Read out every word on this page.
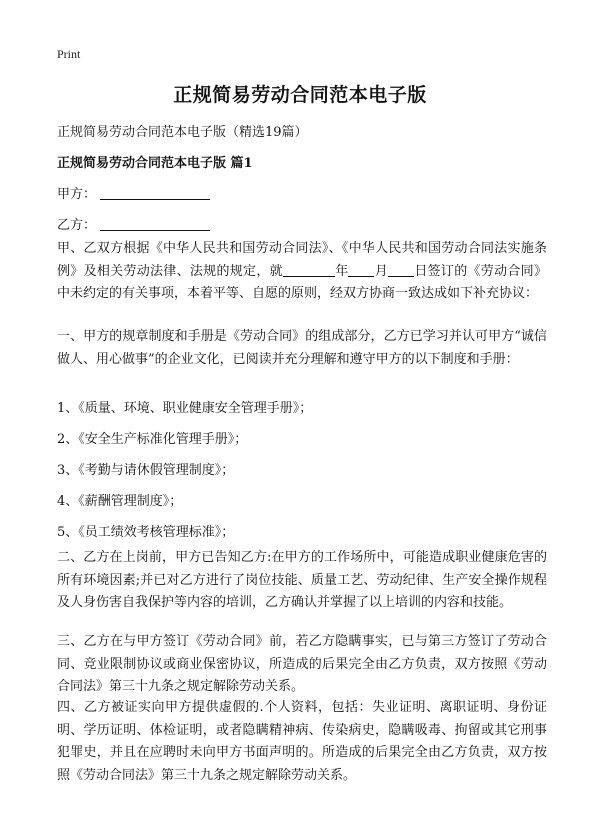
Print
正规简易劳动合同范本电子版
正规简易劳动合同范本电子版（精选19篇）
正规简易劳动合同范本电子版 篇1
甲方：
乙方：
甲、乙双方根据《中华人民共和国劳动合同法》、《中华人民共和国劳动合同法实施条例》及相关劳动法律、法规的规定，就	年 月 日签订的《劳动合同》中未约定的有关事项，本着平等、自愿的原则，经双方协商一致达成如下补充协议：
一、甲方的规章制度和手册是《劳动合同》的组成部分，乙方已学习并认可甲方“诚信做人、用心做事”的企业文化，已阅读并充分理解和遵守甲方的以下制度和手册：
1、《质量、环境、职业健康安全管理手册》；
2、《安全生产标准化管理手册》；
3、《考勤与请休假管理制度》；
4、《薪酬管理制度》；
5、《员工绩效考核管理标准》；
二、乙方在上岗前，甲方已告知乙方:在甲方的工作场所中，可能造成职业健康危害的所有环境因素;并已对乙方进行了岗位技能、质量工艺、劳动纪律、生产安全操作规程及人身伤害自我保护等内容的培训，乙方确认并掌握了以上培训的内容和技能。
三、乙方在与甲方签订《劳动合同》前，若乙方隐瞒事实，已与第三方签订了劳动合同、竞业限制协议或商业保密协议，所造成的后果完全由乙方负责，双方按照《劳动合同法》第三十九条之规定解除劳动关系。
四、乙方被证实向甲方提供虚假的.个人资料，包括：失业证明、离职证明、身份证明、学历证明、体检证明，或者隐瞒精神病、传染病史，隐瞒吸毒、拘留或其它刑事犯罪史，并且在应聘时未向甲方书面声明的。所造成的后果完全由乙方负责，双方按照《劳动合同法》第三十九条之规定解除劳动关系。
